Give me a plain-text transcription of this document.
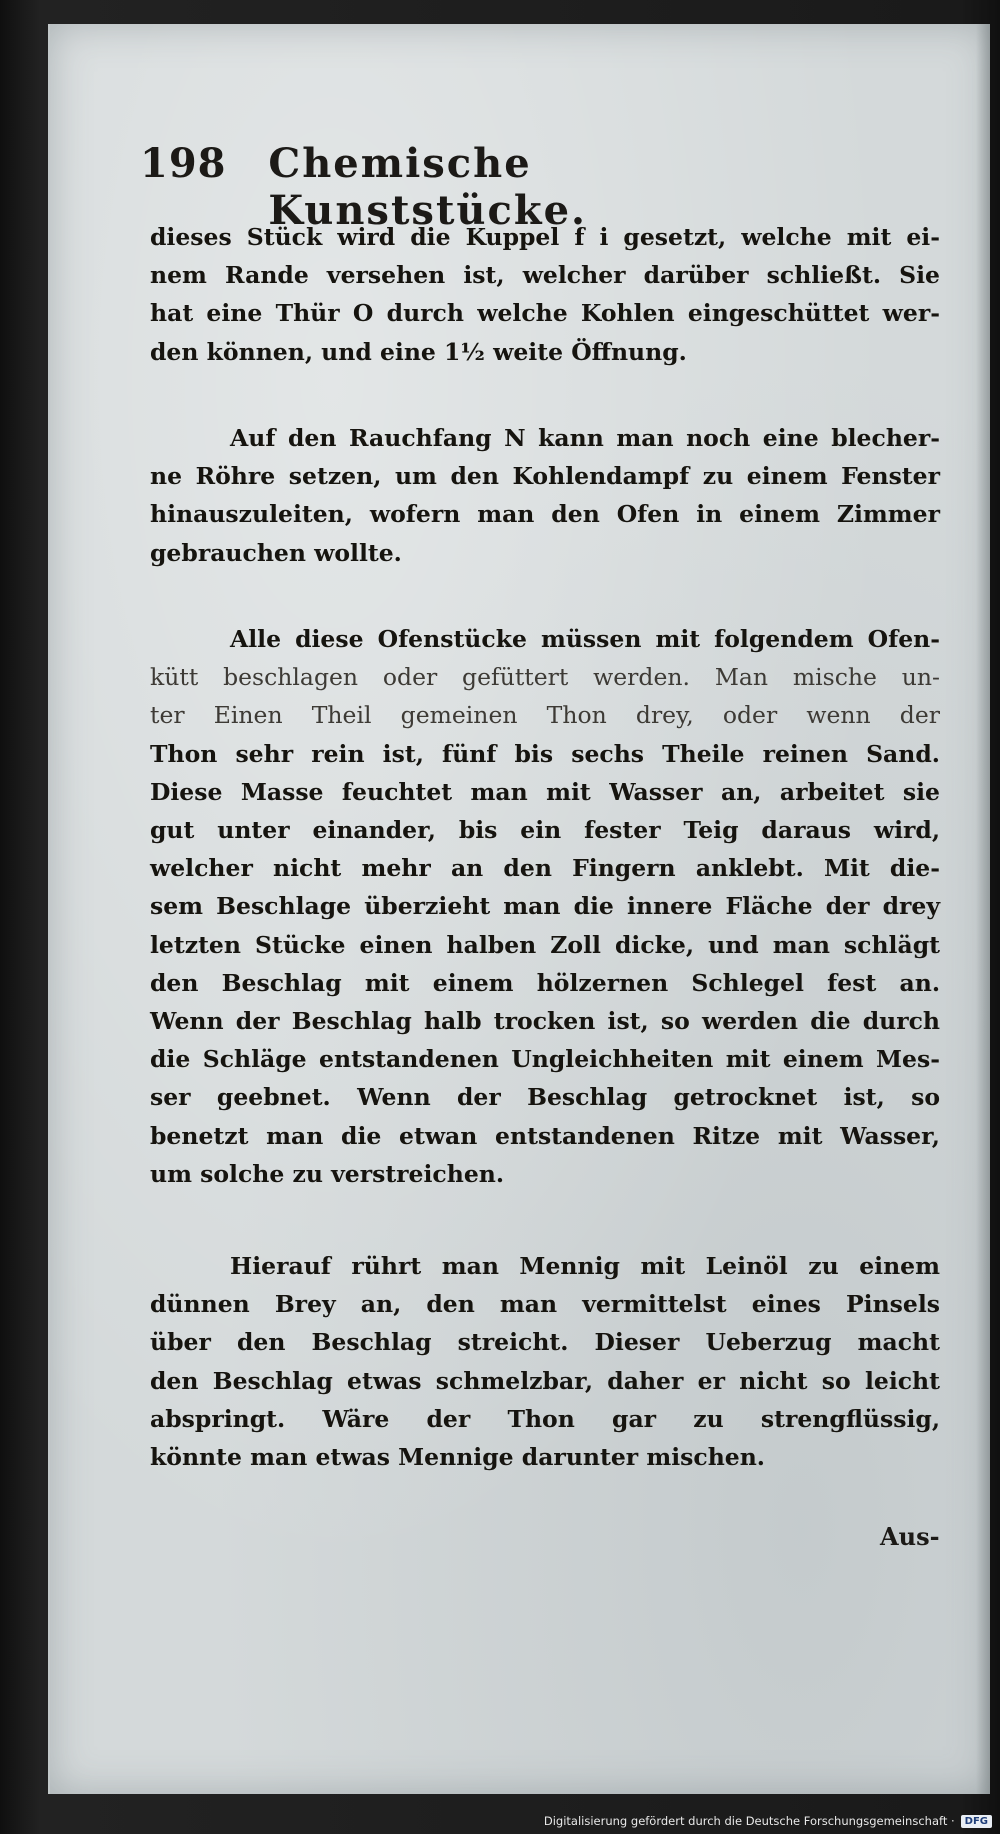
198	Chemische Kunststücke.
dieses Stück wird die Kuppel f i gesetzt, welche mit ei-
nem Rande versehen ist, welcher darüber schließt. Sie
hat eine Thür O durch welche Kohlen eingeschüttet wer-
den können, und eine 1½ weite Öffnung.
Auf den Rauchfang N kann man noch eine blecher-
ne Röhre setzen, um den Kohlendampf zu einem Fenster
hinauszuleiten, wofern man den Ofen in einem Zimmer
gebrauchen wollte.
Alle diese Ofenstücke müssen mit folgendem Ofen-
kütt beschlagen oder gefüttert werden. Man mische un-
ter Einen Theil gemeinen Thon drey, oder wenn der
Thon sehr rein ist, fünf bis sechs Theile reinen Sand.
Diese Masse feuchtet man mit Wasser an, arbeitet sie
gut unter einander, bis ein fester Teig daraus wird,
welcher nicht mehr an den Fingern anklebt. Mit die-
sem Beschlage überzieht man die innere Fläche der drey
letzten Stücke einen halben Zoll dicke, und man schlägt
den Beschlag mit einem hölzernen Schlegel fest an.
Wenn der Beschlag halb trocken ist, so werden die durch
die Schläge entstandenen Ungleichheiten mit einem Mes-
ser geebnet. Wenn der Beschlag getrocknet ist, so
benetzt man die etwan entstandenen Ritze mit Wasser,
um solche zu verstreichen.
Hierauf rührt man Mennig mit Leinöl zu einem
dünnen Brey an, den man vermittelst eines Pinsels
über den Beschlag streicht. Dieser Ueberzug macht
den Beschlag etwas schmelzbar, daher er nicht so leicht
abspringt. Wäre der Thon gar zu strengflüssig,
könnte man etwas Mennige darunter mischen.
Aus-
Digitalisierung gefördert durch die Deutsche Forschungsgemeinschaft ·	DFG
